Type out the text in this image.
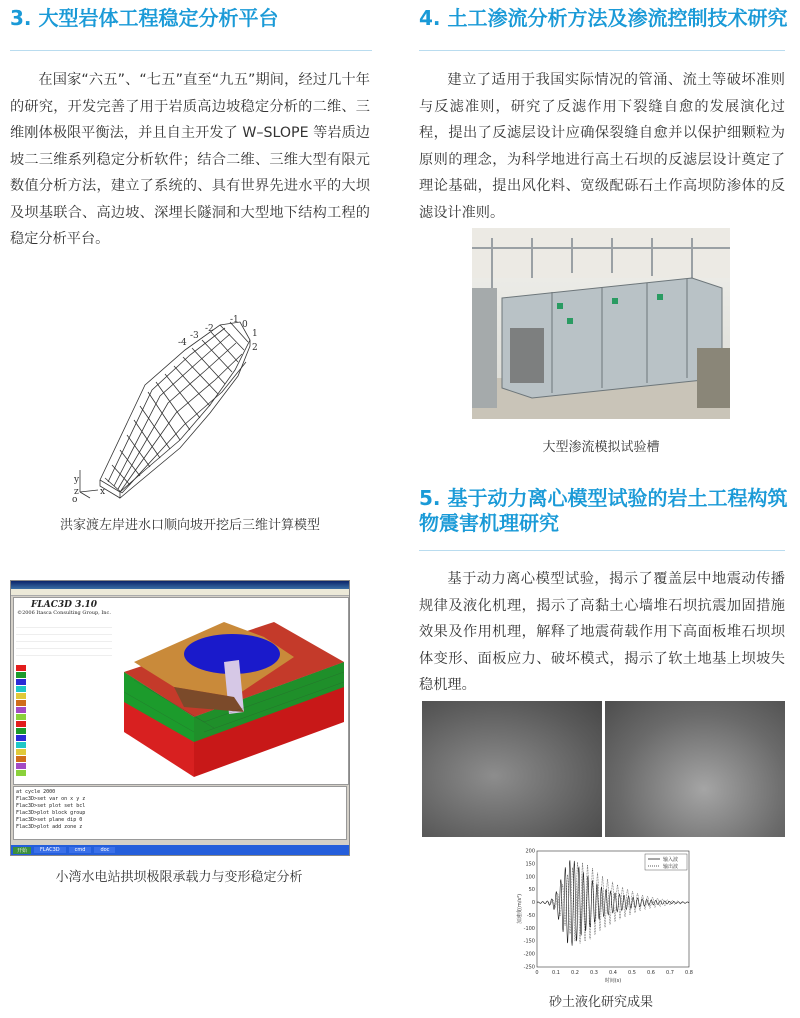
3. 大型岩体工程稳定分析平台

在国家“六五”、“七五”直至“九五”期间，经过几十年的研究，开发完善了用于岩质高边坡稳定分析的二维、三维刚体极限平衡法，并且自主开发了 W–SLOPE 等岩质边坡二三维系列稳定分析软件；结合二维、三维大型有限元数值分析方法，建立了系统的、具有世界先进水平的大坝及坝基联合、高边坡、深埋长隧洞和大型地下结构工程的稳定分析平台。

y
z x
o
-4
-3
-2
-1 0
1
2
洪家渡左岸进水口顺向坡开挖后三维计算模型
FLAC3D 3.10
©2006 Itasca Consulting Group, Inc.
at cycle 2000
Flac3D>set var on x y z
Flac3D>set plot set bcl
Flac3D>plot block group
Flac3D>set plane dip 0
Flac3D>plot add zone z
开始	FLAC3D	cmd	doc
小湾水电站拱坝极限承载力与变形稳定分析
4. 土工渗流分析方法及渗流控制技术研究

建立了适用于我国实际情况的管涌、流土等破坏准则与反滤准则，研究了反滤作用下裂缝自愈的发展演化过程，提出了反滤层设计应确保裂缝自愈并以保护细颗粒为原则的理念，为科学地进行高土石坝的反滤层设计奠定了理论基础，提出风化料、宽级配砾石土作高坝防渗体的反滤设计准则。

大型渗流模拟试验槽
5. 基于动力离心模型试验的岩土工程构筑物震害机理研究

基于动力离心模型试验，揭示了覆盖层中地震动传播规律及液化机理，揭示了高黏土心墙堆石坝抗震加固措施效果及作用机理，解释了地震荷载作用下高面板堆石坝坝体变形、面板应力、破坏模式，揭示了软土地基上坝坡失稳机理。

200
150
100
50
0
-50
-100
-150
-200
-250
0	0.1 0.2 0.3 0.4 0.5 0.6 0.7 0.8
加速度(m/s²)
时间(s)
输入波
输出波
砂土液化研究成果
